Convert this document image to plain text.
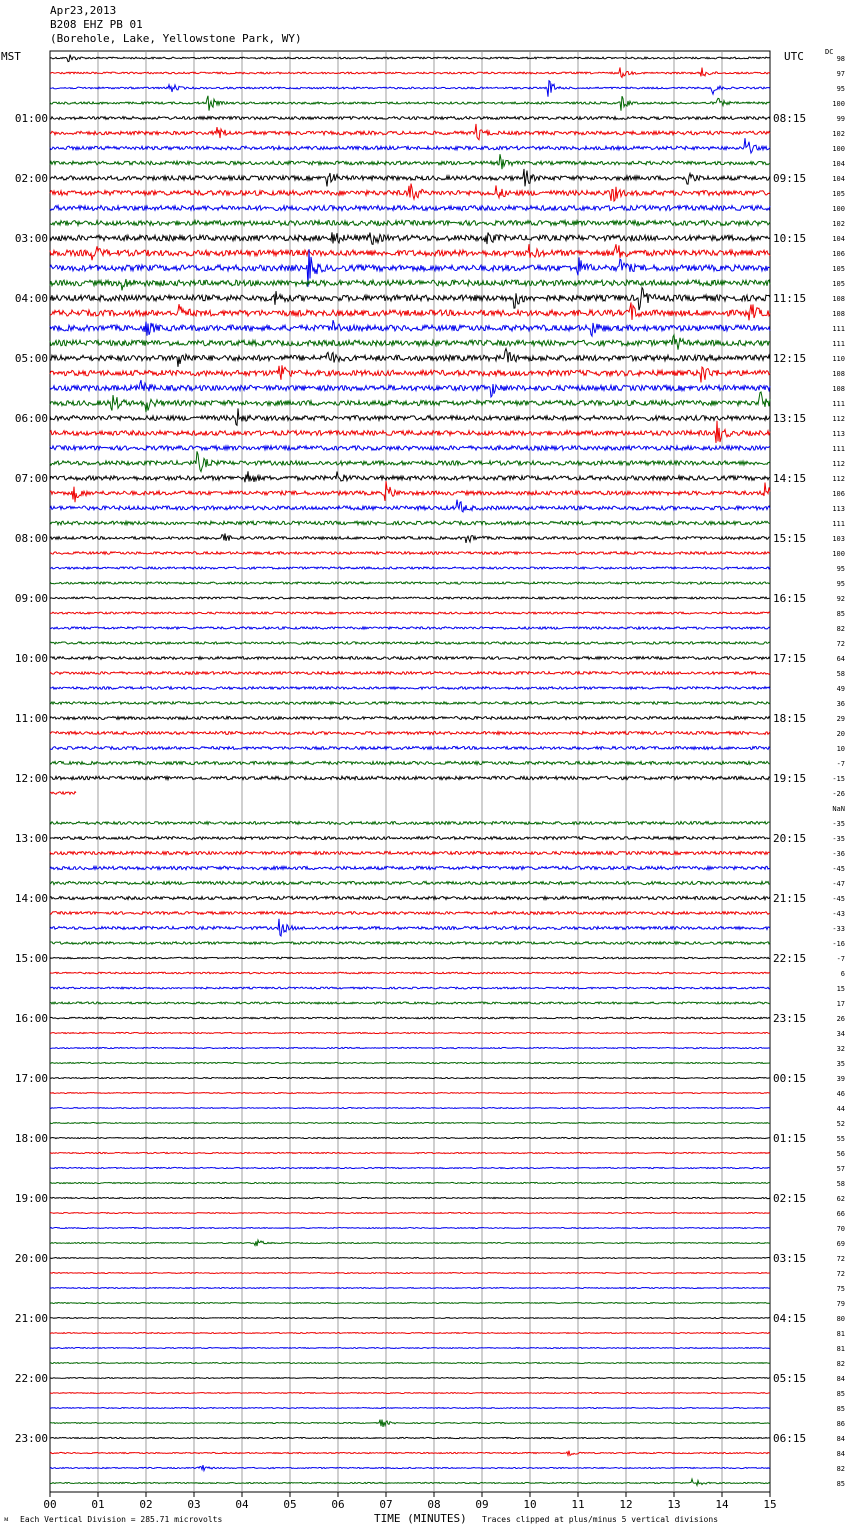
Apr23,2013
B208 EHZ PB 01
(Borehole, Lake, Yellowstone Park, WY)
MST	UTC	DC
00	01	02	03	04	05	06	07	08	09	10	11	12	13	14	15
01:00
02:00
03:00
04:00
05:00
06:00
07:00
08:00
09:00
10:00
11:00
12:00
13:00
14:00
15:00
16:00
17:00
18:00
19:00
20:00
21:00
22:00
23:00
08:15
09:15
10:15
11:15
12:15
13:15
14:15
15:15
16:15
17:15
18:15
19:15
20:15
21:15
22:15
23:15
00:15
01:15
02:15
03:15
04:15
05:15
06:15
98
97
95
100
99
102
100
104
104
105
100
102
104
106
105
105
108
108
111
111
110
108
108
111
112
113
111
112
112
106
113
111
103
100
95
95
92
85
82
72
64
58
49
36
29
20
10
-7
-15
-26
NaN
-35
-35
-36
-45
-47
-45
-43
-33
-16
-7
6
15
17
26
34
32
35
39
46
44
52
55
56
57
58
62
66
70
69
72
72
75
79
80
81
81
82
84
85
85
86
84
84
82
85
ᴍ Each Vertical Division = 285.71 microvolts	TIME (MINUTES) Traces clipped at plus/minus 5 vertical divisions
